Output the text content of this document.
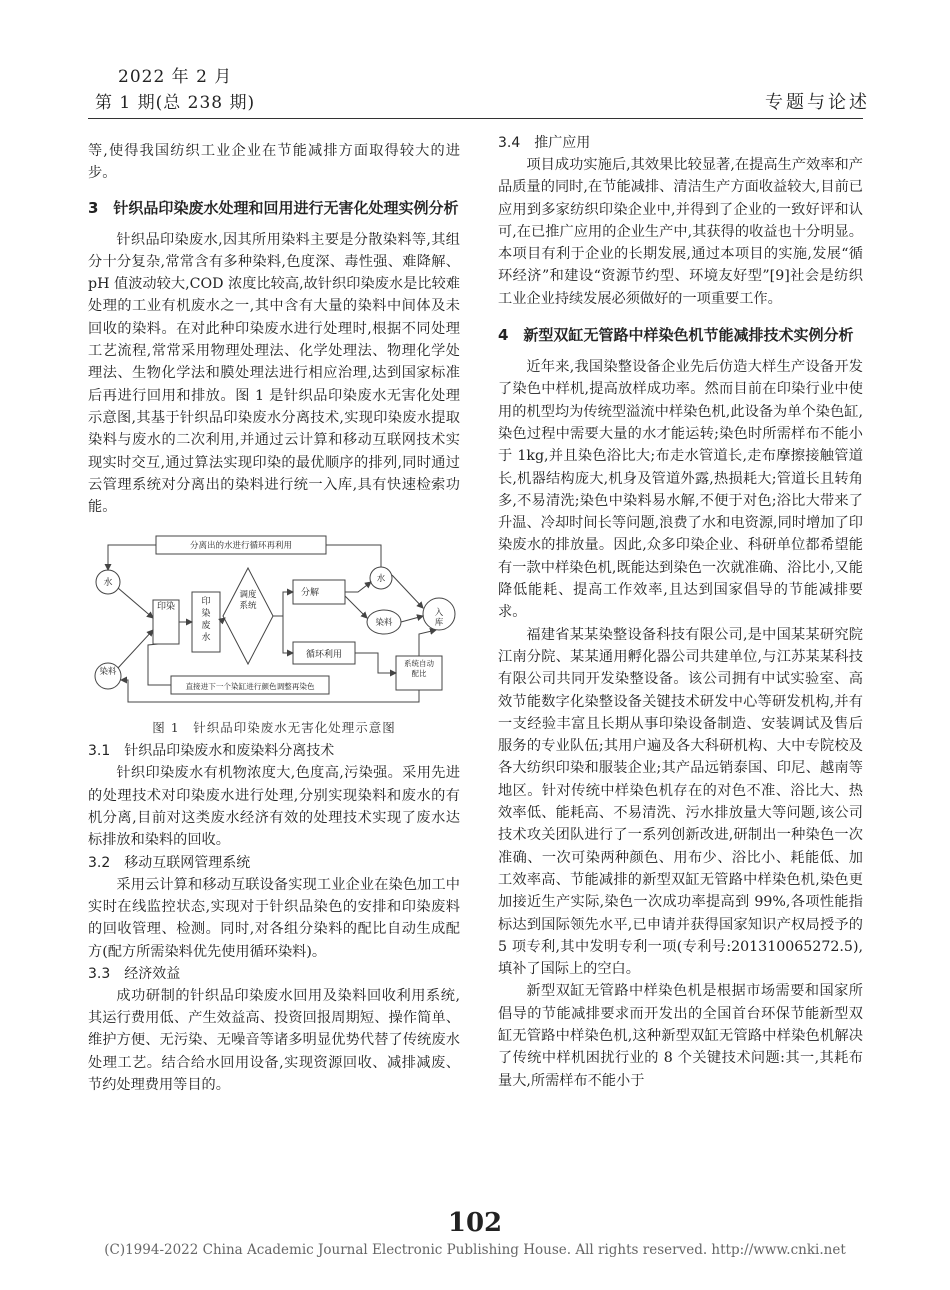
2022 年 2 月
第 1 期(总 238 期)	专题与论述

等,使得我国纺织工业企业在节能减排方面取得较大的进步。

3　针织品印染废水处理和回用进行无害化处理实例分析

针织品印染废水,因其所用染料主要是分散染料等,其组分十分复杂,常常含有多种染料,色度深、毒性强、难降解、pH 值波动较大,COD 浓度比较高,故针织印染废水是比较难处理的工业有机废水之一,其中含有大量的染料中间体及未回收的染料。在对此种印染废水进行处理时,根据不同处理工艺流程,常常采用物理处理法、化学处理法、物理化学处理法、生物化学法和膜处理法进行相应治理,达到国家标准后再进行回用和排放。图 1 是针织品印染废水无害化处理示意图,其基于针织品印染废水分离技术,实现印染废水提取染料与废水的二次利用,并通过云计算和移动互联网技术实现实时交互,通过算法实现印染的最优顺序的排列,同时通过云管理系统对分离出的染料进行统一入库,具有快速检索功能。

分离出的水进行循环再利用
水
染料
分解
循环利用
水
染料
直接进下一个染缸进行颜色调整再染色
印染	印染废水
调度系统
入库
系统自动配比
图 1　针织品印染废水无害化处理示意图
3.1　针织品印染废水和废染料分离技术

针织印染废水有机物浓度大,色度高,污染强。采用先进的处理技术对印染废水进行处理,分别实现染料和废水的有机分离,目前对这类废水经济有效的处理技术实现了废水达标排放和染料的回收。

3.2　移动互联网管理系统

采用云计算和移动互联设备实现工业企业在染色加工中实时在线监控状态,实现对于针织品染色的安排和印染废料的回收管理、检测。同时,对各组分染料的配比自动生成配方(配方所需染料优先使用循环染料)。

3.3　经济效益

成功研制的针织品印染废水回用及染料回收利用系统,其运行费用低、产生效益高、投资回报周期短、操作简单、维护方便、无污染、无噪音等诸多明显优势代替了传统废水处理工艺。结合给水回用设备,实现资源回收、减排减废、节约处理费用等目的。

3.4　推广应用

项目成功实施后,其效果比较显著,在提高生产效率和产品质量的同时,在节能减排、清洁生产方面收益较大,目前已应用到多家纺织印染企业中,并得到了企业的一致好评和认可,在已推广应用的企业生产中,其获得的收益也十分明显。本项目有利于企业的长期发展,通过本项目的实施,发展“循环经济”和建设“资源节约型、环境友好型”[9]社会是纺织工业企业持续发展必须做好的一项重要工作。

4　新型双缸无管路中样染色机节能减排技术实例分析

近年来,我国染整设备企业先后仿造大样生产设备开发了染色中样机,提高放样成功率。然而目前在印染行业中使用的机型均为传统型溢流中样染色机,此设备为单个染色缸,染色过程中需要大量的水才能运转;染色时所需样布不能小于 1kg,并且染色浴比大;布走水管道长,走布摩擦接触管道长,机器结构庞大,机身及管道外露,热损耗大;管道长且转角多,不易清洗;染色中染料易水解,不便于对色;浴比大带来了升温、冷却时间长等问题,浪费了水和电资源,同时增加了印染废水的排放量。因此,众多印染企业、科研单位都希望能有一款中样染色机,既能达到染色一次就准确、浴比小,又能降低能耗、提高工作效率,且达到国家倡导的节能减排要求。

福建省某某染整设备科技有限公司,是中国某某研究院江南分院、某某通用孵化器公司共建单位,与江苏某某科技有限公司共同开发染整设备。该公司拥有中试实验室、高效节能数字化染整设备关键技术研发中心等研发机构,并有一支经验丰富且长期从事印染设备制造、安装调试及售后服务的专业队伍;其用户遍及各大科研机构、大中专院校及各大纺织印染和服装企业;其产品远销泰国、印尼、越南等地区。针对传统中样染色机存在的对色不准、浴比大、热效率低、能耗高、不易清洗、污水排放量大等问题,该公司技术攻关团队进行了一系列创新改进,研制出一种染色一次准确、一次可染两种颜色、用布少、浴比小、耗能低、加工效率高、节能减排的新型双缸无管路中样染色机,染色更加接近生产实际,染色一次成功率提高到 99%,各项性能指标达到国际领先水平,已申请并获得国家知识产权局授予的 5 项专利,其中发明专利一项(专利号:201310065272.5),填补了国际上的空白。

新型双缸无管路中样染色机是根据市场需要和国家所倡导的节能减排要求而开发出的全国首台环保节能新型双缸无管路中样染色机,这种新型双缸无管路中样染色机解决了传统中样机困扰行业的 8 个关键技术问题:其一,其耗布量大,所需样布不能小于

102
(C)1994-2022 China Academic Journal Electronic Publishing House. All rights reserved. http://www.cnki.net
